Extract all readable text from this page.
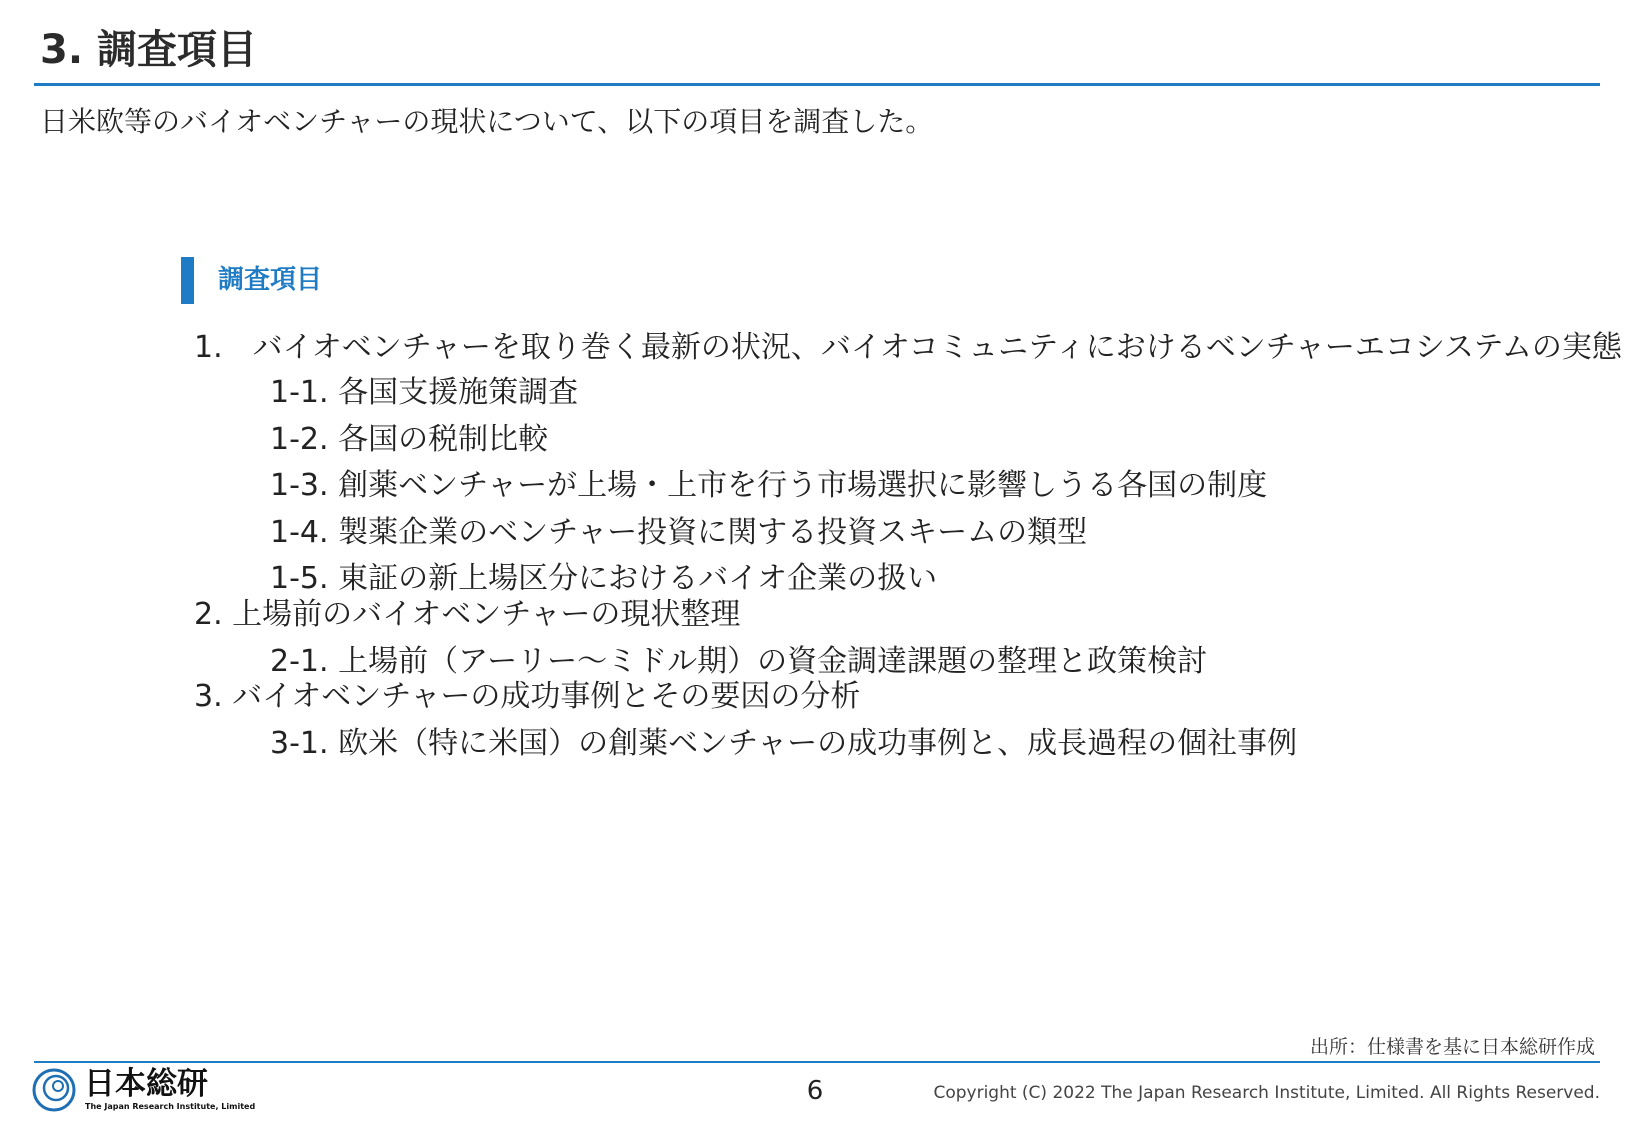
3. 調査項目
日米欧等のバイオベンチャーの現状について、以下の項目を調査した。
調査項目
1.　バイオベンチャーを取り巻く最新の状況、バイオコミュニティにおけるベンチャーエコシステムの実態
1-1. 各国支援施策調査
1-2. 各国の税制比較
1-3. 創薬ベンチャーが上場・上市を行う市場選択に影響しうる各国の制度
1-4. 製薬企業のベンチャー投資に関する投資スキームの類型
1-5. 東証の新上場区分におけるバイオ企業の扱い
2. 上場前のバイオベンチャーの現状整理
2-1. 上場前（アーリー～ミドル期）の資金調達課題の整理と政策検討
3. バイオベンチャーの成功事例とその要因の分析
3-1. 欧米（特に米国）の創薬ベンチャーの成功事例と、成長過程の個社事例
出所：仕様書を基に日本総研作成
日本総研
The Japan Research Institute, Limited
6	Copyright (C) 2022 The Japan Research Institute, Limited. All Rights Reserved.
